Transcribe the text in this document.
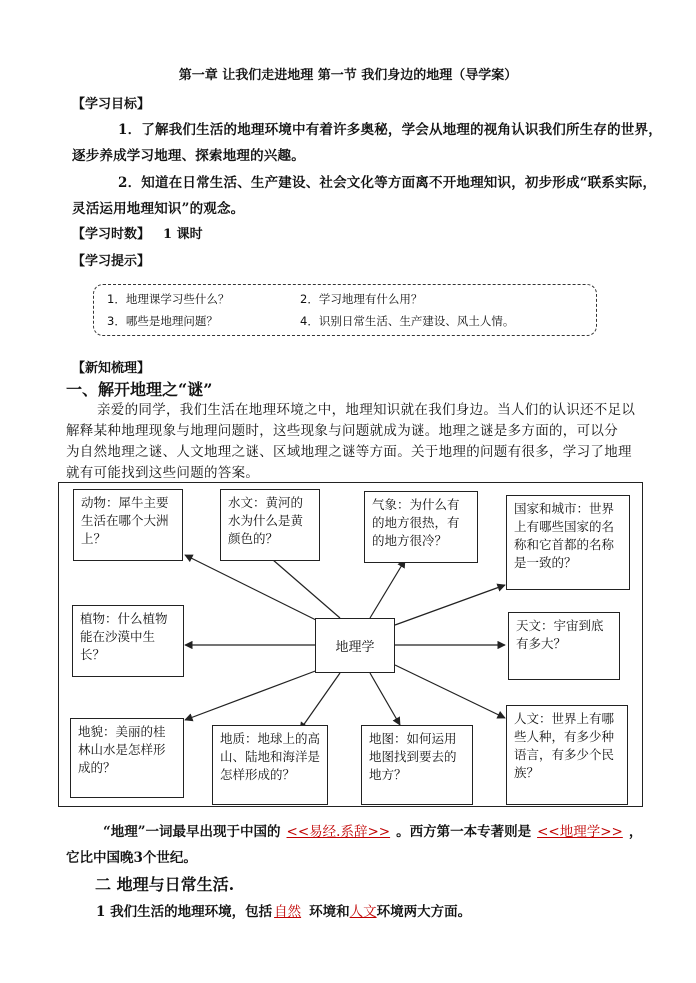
第一章 让我们走进地理 第一节 我们身边的地理（导学案）
【学习目标】
1．了解我们生活的地理环境中有着许多奥秘，学会从地理的视角认识我们所生存的世界，
逐步养成学习地理、探索地理的兴趣。
2．知道在日常生活、生产建设、社会文化等方面离不开地理知识，初步形成“联系实际，
灵活运用地理知识”的观念。
【学习时数】 1 课时
【学习提示】
1．地理课学习些什么？	2．学习地理有什么用？
3．哪些是地理问题？	4．识别日常生活、生产建设、风土人情。
【新知梳理】
一、解开地理之“谜”
亲爱的同学，我们生活在地理环境之中，地理知识就在我们身边。当人们的认识还不足以
解释某种地理现象与地理问题时，这些现象与问题就成为谜。地理之谜是多方面的，可以分
为自然地理之谜、人文地理之谜、区域地理之谜等方面。关于地理的问题有很多，学习了地理
就有可能找到这些问题的答案。
地理学
动物：犀牛主要生活在哪个大洲上？
水文：黄河的水为什么是黄颜色的？
气象：为什么有的地方很热，有的地方很冷？
国家和城市：世界上有哪些国家的名称和它首都的名称是一致的？
植物：什么植物能在沙漠中生长？
天文：宇宙到底有多大？
地貌：美丽的桂林山水是怎样形成的？
地质：地球上的高山、陆地和海洋是怎样形成的？
地图：如何运用地图找到要去的地方？
人文：世界上有哪些人种，有多少种语言，有多少个民族？
“地理”一词最早出现于中国的 <<易经.系辞>> 。西方第一本专著则是 <<地理学>> ，
它比中国晚3个世纪。
二 地理与日常生活.
1 我们生活的地理环境，包括 自然 环境和人文环境两大方面。
